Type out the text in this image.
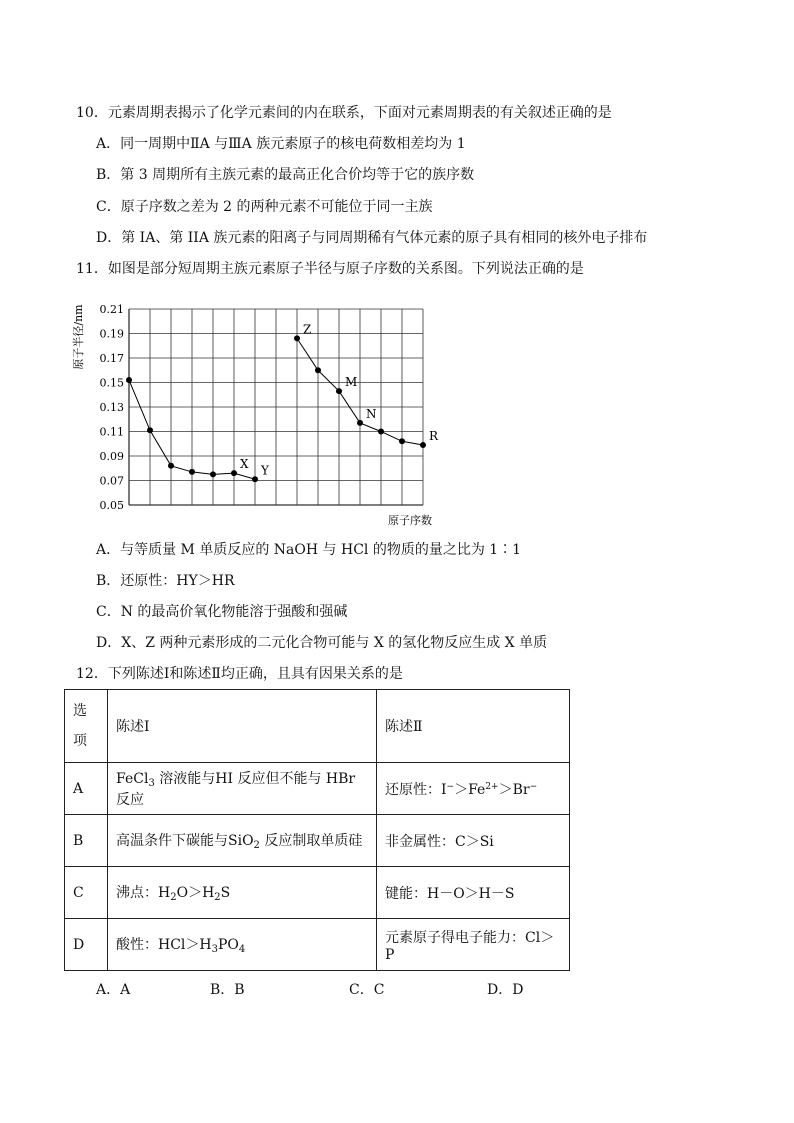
10．元素周期表揭示了化学元素间的内在联系，下面对元素周期表的有关叙述正确的是
A．同一周期中ⅡA 与ⅢA 族元素原子的核电荷数相差均为 1
B．第 3 周期所有主族元素的最高正化合价均等于它的族序数
C．原子序数之差为 2 的两种元素不可能位于同一主族
D．第 IA、第 IIA 族元素的阳离子与同周期稀有气体元素的原子具有相同的核外电子排布
11．如图是部分短周期主族元素原子半径与原子序数的关系图。下列说法正确的是
0.21
0.19
0.17
0.15
0.13
0.11
0.09
0.07
0.05
X Y
Z
M
N
R
原子半径/nm
原子序数
A．与等质量 M 单质反应的 NaOH 与 HCl 的物质的量之比为 1∶1
B．还原性：HY＞HR
C．N 的最高价氧化物能溶于强酸和强碱
D．X、Z 两种元素形成的二元化合物可能与 X 的氢化物反应生成 X 单质
12．下列陈述Ⅰ和陈述Ⅱ均正确，且具有因果关系的是
选
项	陈述Ⅰ	陈述Ⅱ
A	FeCl$_3$ 溶液能与HI 反应但不能与 HBr 反应	还原性：$I^->Fe^{2+}>Br^-$
B	高温条件下碳能与SiO$_2$ 反应制取单质硅	非金属性：C＞Si
C	沸点：$H_2O>H_2S$	键能：H－O＞H－S
D	酸性：$HCl>H_3PO_4$	元素原子得电子能力：Cl＞P
A．A	B．B	C．C	D．D
